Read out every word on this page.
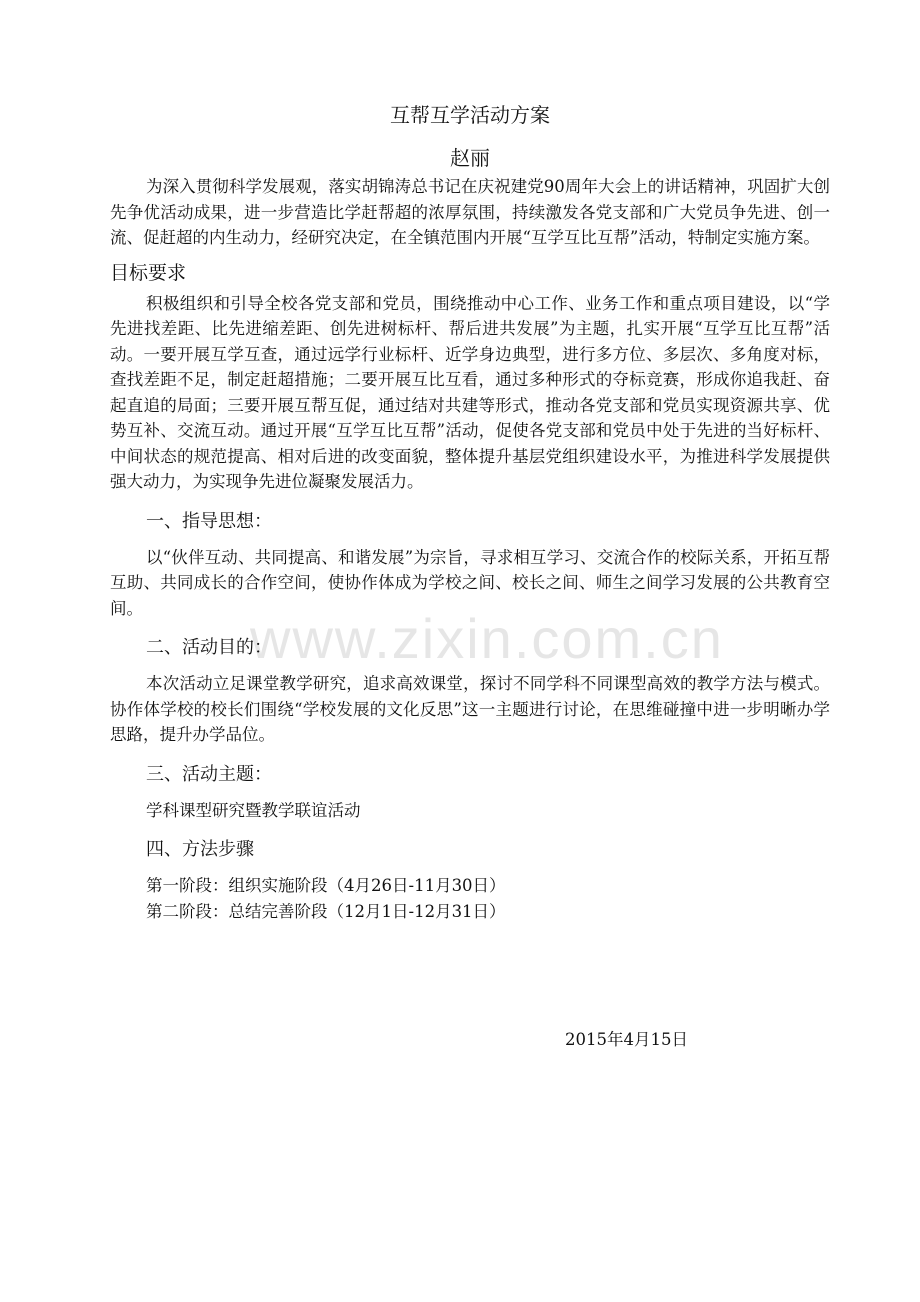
www.zixin.com.cn
互帮互学活动方案
赵丽

为深入贯彻科学发展观，落实胡锦涛总书记在庆祝建党90周年大会上的讲话精神，巩固扩大创先争优活动成果，进一步营造比学赶帮超的浓厚氛围，持续激发各党支部和广大党员争先进、创一流、促赶超的内生动力，经研究决定，在全镇范围内开展“互学互比互帮”活动，特制定实施方案。

目标要求

积极组织和引导全校各党支部和党员，围绕推动中心工作、业务工作和重点项目建设，以“学先进找差距、比先进缩差距、创先进树标杆、帮后进共发展”为主题，扎实开展“互学互比互帮”活动。一要开展互学互查，通过远学行业标杆、近学身边典型，进行多方位、多层次、多角度对标，查找差距不足，制定赶超措施；二要开展互比互看，通过多种形式的夺标竞赛，形成你追我赶、奋起直追的局面；三要开展互帮互促，通过结对共建等形式，推动各党支部和党员实现资源共享、优势互补、交流互动。通过开展“互学互比互帮”活动，促使各党支部和党员中处于先进的当好标杆、中间状态的规范提高、相对后进的改变面貌，整体提升基层党组织建设水平，为推进科学发展提供强大动力，为实现争先进位凝聚发展活力。

一、指导思想：

以“伙伴互动、共同提高、和谐发展”为宗旨，寻求相互学习、交流合作的校际关系，开拓互帮互助、共同成长的合作空间，使协作体成为学校之间、校长之间、师生之间学习发展的公共教育空间。

二、活动目的：

本次活动立足课堂教学研究，追求高效课堂，探讨不同学科不同课型高效的教学方法与模式。协作体学校的校长们围绕“学校发展的文化反思”这一主题进行讨论，在思维碰撞中进一步明晰办学思路，提升办学品位。

三、活动主题：

学科课型研究暨教学联谊活动

四、方法步骤

第一阶段：组织实施阶段（4月26日-11月30日）

第二阶段：总结完善阶段（12月1日-12月31日）

2015年4月15日
